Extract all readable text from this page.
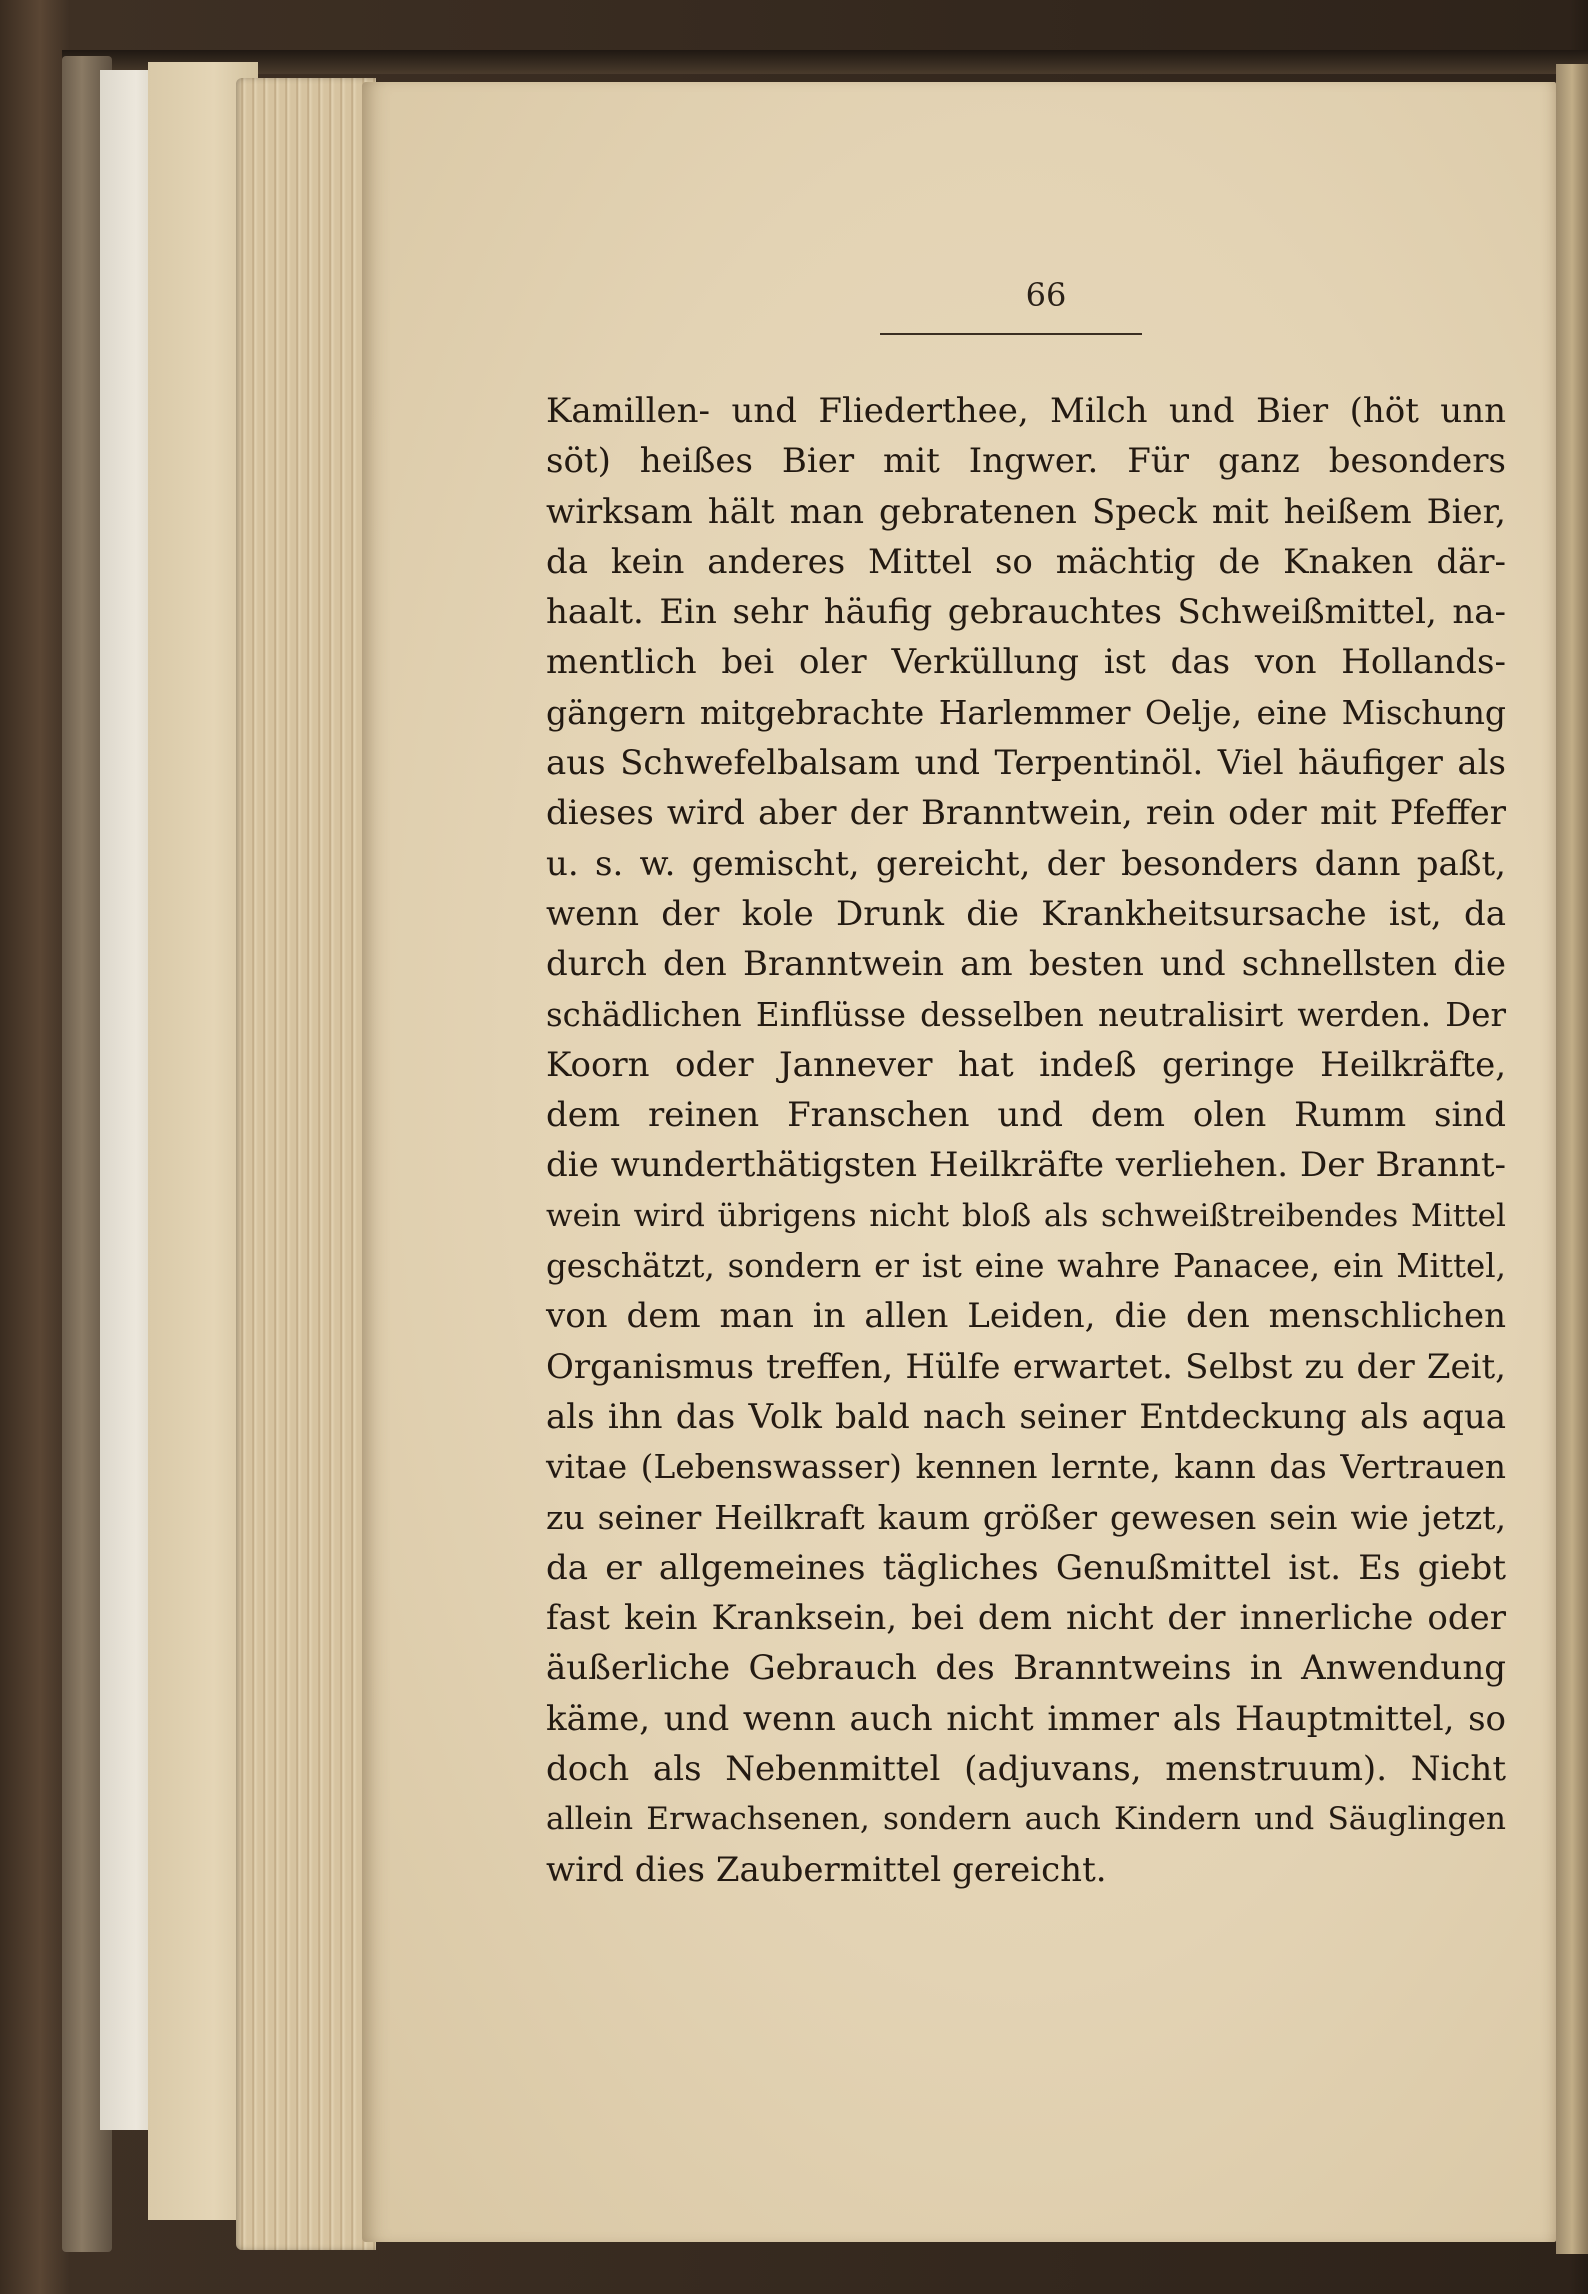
66
Kamillen- und Fliederthee, Milch und Bier (höt unn
söt) heißes Bier mit Ingwer. Für ganz besonders
wirksam hält man gebratenen Speck mit heißem Bier,
da kein anderes Mittel so mächtig de Knaken där-
haalt. Ein sehr häufig gebrauchtes Schweißmittel, na-
mentlich bei oler Verküllung ist das von Hollands-
gängern mitgebrachte Harlemmer Oelje, eine Mischung
aus Schwefelbalsam und Terpentinöl. Viel häufiger als
dieses wird aber der Branntwein, rein oder mit Pfeffer
u. s. w. gemischt, gereicht, der besonders dann paßt,
wenn der kole Drunk die Krankheitsursache ist, da
durch den Branntwein am besten und schnellsten die
schädlichen Einflüsse desselben neutralisirt werden. Der
Koorn oder Jannever hat indeß geringe Heilkräfte,
dem reinen Franschen und dem olen Rumm sind
die wunderthätigsten Heilkräfte verliehen. Der Brannt-
wein wird übrigens nicht bloß als schweißtreibendes Mittel
geschätzt, sondern er ist eine wahre Panacee, ein Mittel,
von dem man in allen Leiden, die den menschlichen
Organismus treffen, Hülfe erwartet. Selbst zu der Zeit,
als ihn das Volk bald nach seiner Entdeckung als aqua
vitae (Lebenswasser) kennen lernte, kann das Vertrauen
zu seiner Heilkraft kaum größer gewesen sein wie jetzt,
da er allgemeines tägliches Genußmittel ist. Es giebt
fast kein Kranksein, bei dem nicht der innerliche oder
äußerliche Gebrauch des Branntweins in Anwendung
käme, und wenn auch nicht immer als Hauptmittel, so
doch als Nebenmittel (adjuvans, menstruum). Nicht
allein Erwachsenen, sondern auch Kindern und Säuglingen
wird dies Zaubermittel gereicht.
